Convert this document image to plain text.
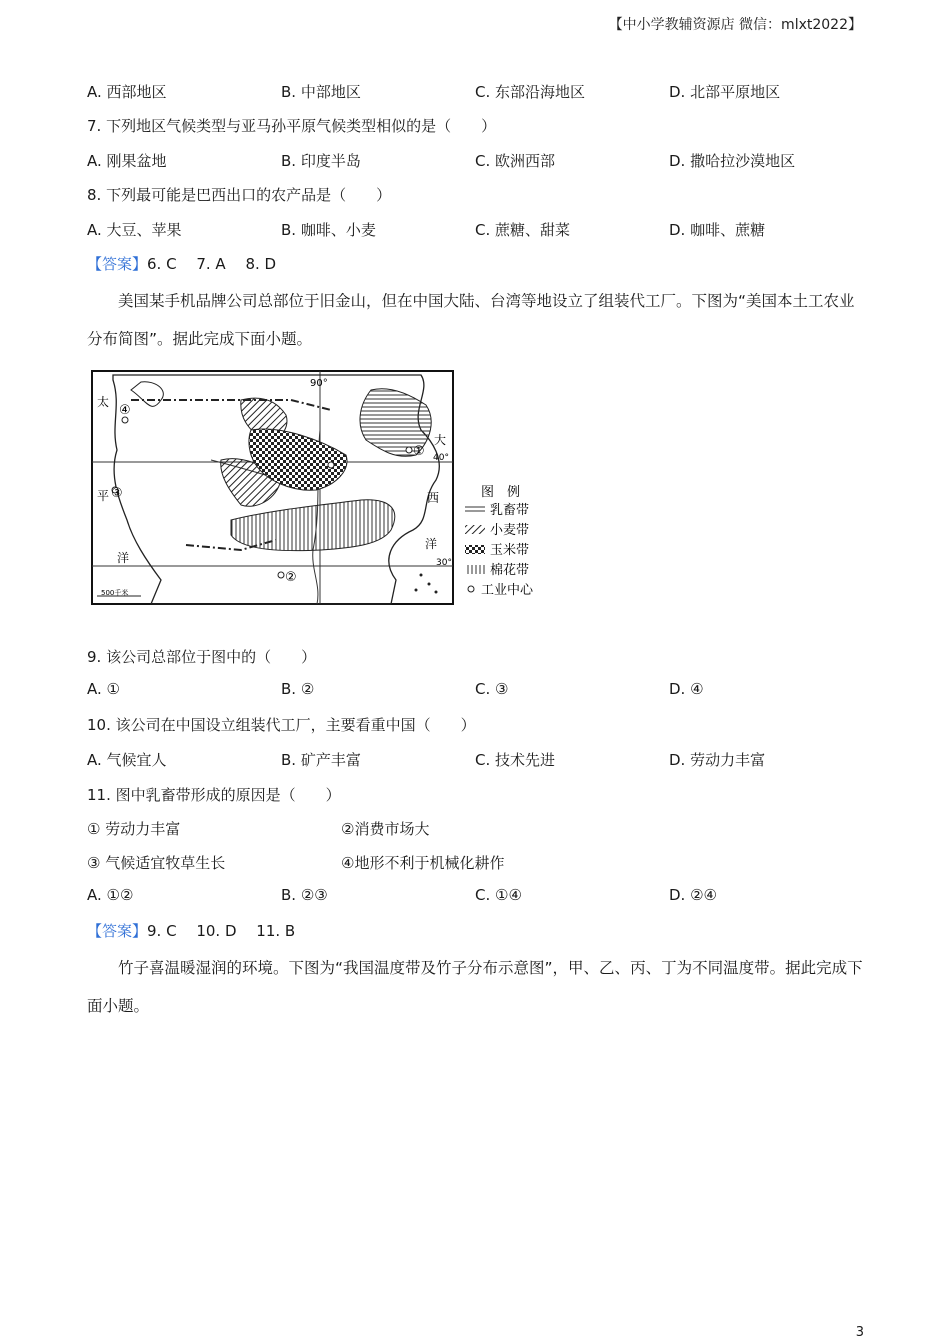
【中小学教辅资源店 微信：mlxt2022】
A. 西部地区	B. 中部地区	C. 东部沿海地区	D. 北部平原地区
7. 下列地区气候类型与亚马孙平原气候类型相似的是（　　）
A. 刚果盆地	B. 印度半岛	C. 欧洲西部	D. 撒哈拉沙漠地区
8. 下列最可能是巴西出口的农产品是（　　）
A. 大豆、苹果	B. 咖啡、小麦	C. 蔗糖、甜菜	D. 咖啡、蔗糖
【答案】6. C　 7. A　 8. D
美国某手机品牌公司总部位于旧金山，但在中国大陆、台湾等地设立了组装代工厂。下图为“美国本土工农业分布简图”。据此完成下面小题。
90°
40°
30°
太
平
洋
大
西
洋
①
②
③
④
500千米
图　例
乳畜带
小麦带
玉米带
棉花带
工业中心
9. 该公司总部位于图中的（　　）
A. ①	B. ②	C. ③	D. ④
10. 该公司在中国设立组装代工厂，主要看重中国（　　）
A. 气候宜人	B. 矿产丰富	C. 技术先进	D. 劳动力丰富
11. 图中乳畜带形成的原因是（　　）
① 劳动力丰富	②消费市场大
③ 气候适宜牧草生长	④地形不利于机械化耕作
A. ①②	B. ②③	C. ①④	D. ②④
【答案】9. C　 10. D　 11. B
竹子喜温暖湿润的环境。下图为“我国温度带及竹子分布示意图”，甲、乙、丙、丁为不同温度带。据此完成下面小题。
3
